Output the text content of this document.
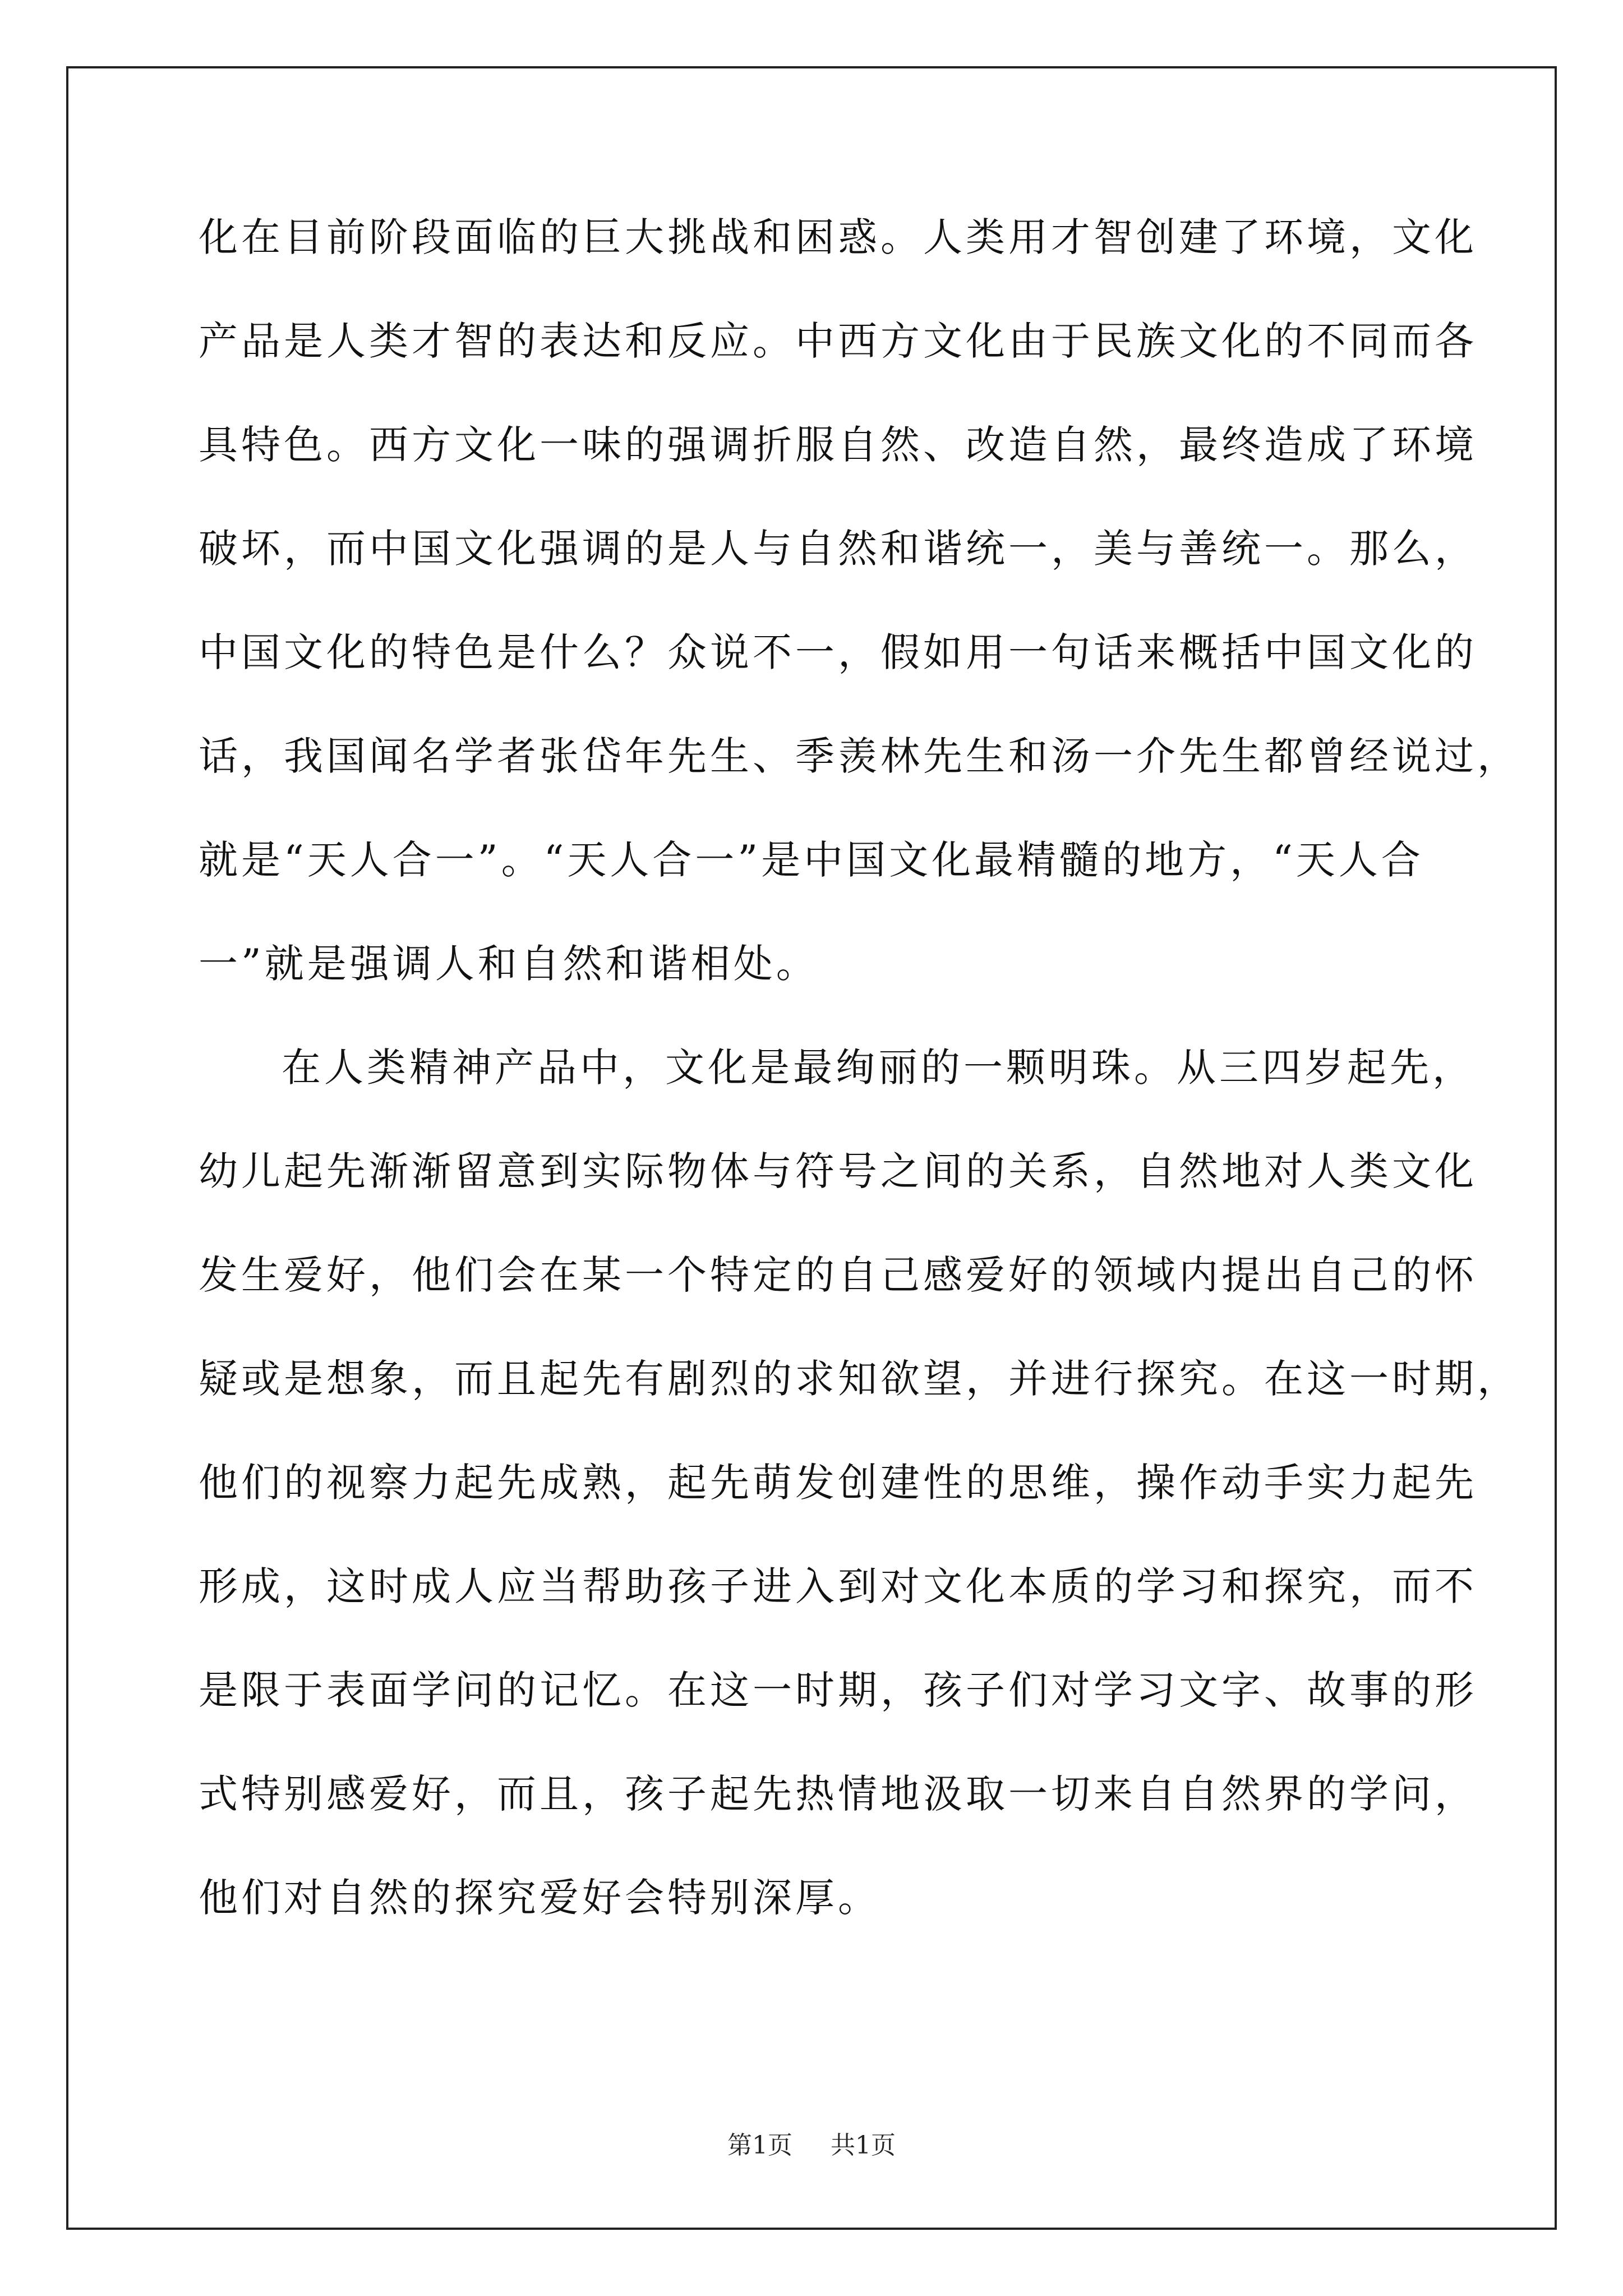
化在目前阶段面临的巨大挑战和困惑。人类用才智创建了环境，文化
产品是人类才智的表达和反应。中西方文化由于民族文化的不同而各
具特色。西方文化一味的强调折服自然、改造自然，最终造成了环境
破坏，而中国文化强调的是人与自然和谐统一，美与善统一。那么，
中国文化的特色是什么？众说不一，假如用一句话来概括中国文化的
话，我国闻名学者张岱年先生、季羡林先生和汤一介先生都曾经说过，
就是“天人合一”。“天人合一”是中国文化最精髓的地方，“天人合
一”就是强调人和自然和谐相处。
在人类精神产品中，文化是最绚丽的一颗明珠。从三四岁起先，
幼儿起先渐渐留意到实际物体与符号之间的关系，自然地对人类文化
发生爱好，他们会在某一个特定的自己感爱好的领域内提出自己的怀
疑或是想象，而且起先有剧烈的求知欲望，并进行探究。在这一时期，
他们的视察力起先成熟，起先萌发创建性的思维，操作动手实力起先
形成，这时成人应当帮助孩子进入到对文化本质的学习和探究，而不
是限于表面学问的记忆。在这一时期，孩子们对学习文字、故事的形
式特别感爱好，而且，孩子起先热情地汲取一切来自自然界的学问，
他们对自然的探究爱好会特别深厚。
第1页 共1页
